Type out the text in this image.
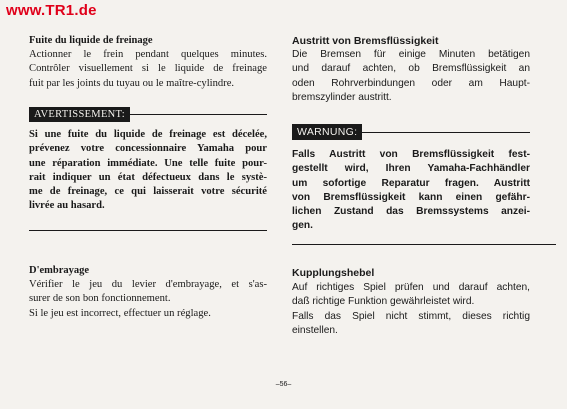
www.TR1.de
Fuite du liquide de freinage
Actionner le frein pendant quelques minutes.
Contrôler visuellement si le liquide de freinage
fuit par les joints du tuyau ou le maître-cylindre.
AVERTISSEMENT:
Si une fuite du liquide de freinage est décelée,
prévenez votre concessionnaire Yamaha pour
une réparation immédiate. Une telle fuite pour-
rait indiquer un état défectueux dans le systè-
me de freinage, ce qui laisserait votre sécurité
livrée au hasard.
D'embrayage
Vérifier le jeu du levier d'embrayage, et s'as-
surer de son bon fonctionnement.
Si le jeu est incorrect, effectuer un réglage.
Austritt von Bremsflüssigkeit
Die Bremsen für einige Minuten betätigen
und darauf achten, ob Bremsflüssigkeit an
oden Rohrverbindungen oder am Haupt-
bremszylinder austritt.
WARNUNG:
Falls Austritt von Bremsflüssigkeit fest-
gestellt wird, Ihren Yamaha-Fachhändler
um sofortige Reparatur fragen. Austritt
von Bremsflüssigkeit kann einen gefähr-
lichen Zustand das Bremssystems anzei-
gen.
Kupplungshebel
Auf richtiges Spiel prüfen und darauf achten,
daß richtige Funktion gewährleistet wird.
Falls das Spiel nicht stimmt, dieses richtig
einstellen.
–56–
